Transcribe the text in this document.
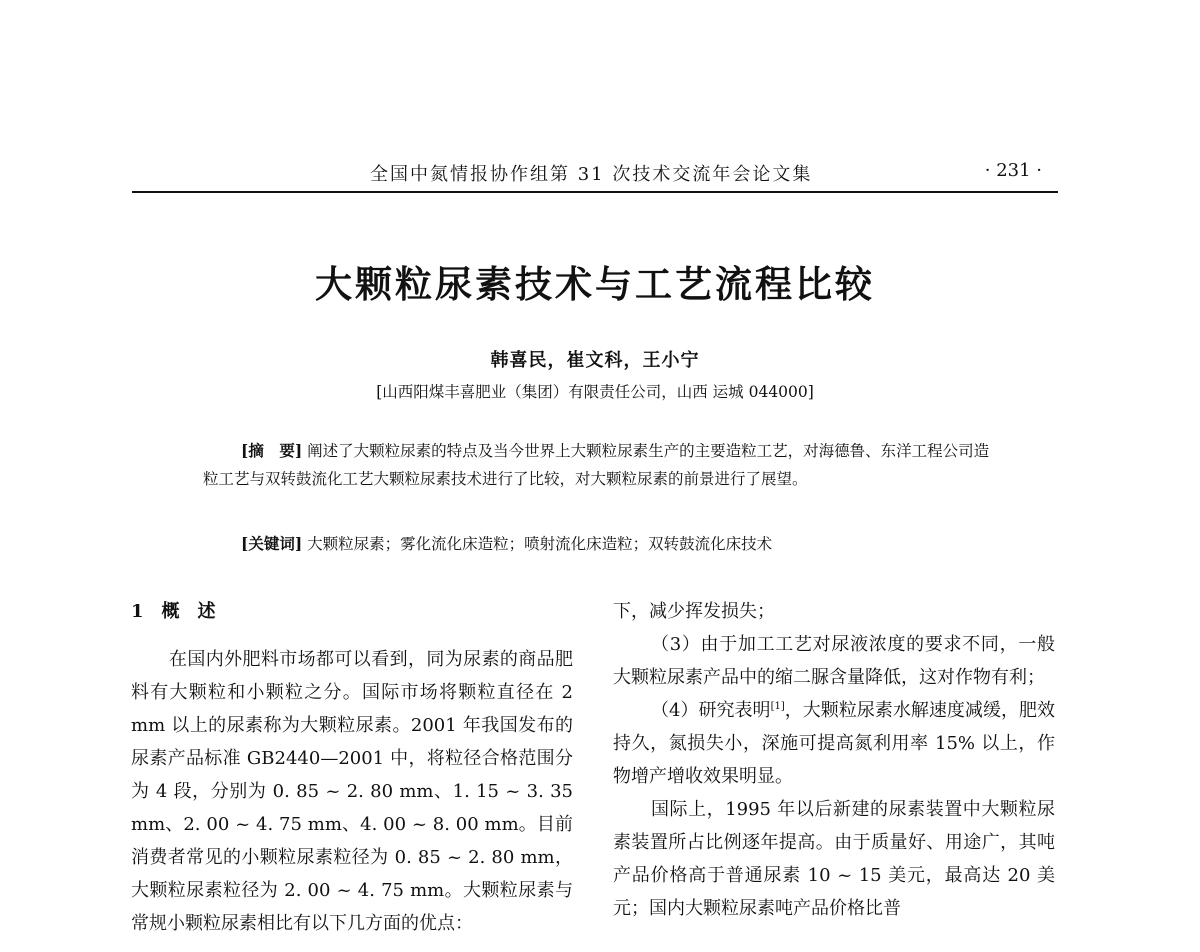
全国中氮情报协作组第 31 次技术交流年会论文集	· 231 ·
大颗粒尿素技术与工艺流程比较
韩喜民，崔文科，王小宁
[山西阳煤丰喜肥业（集团）有限责任公司，山西 运城 044000]
[摘　要] 阐述了大颗粒尿素的特点及当今世界上大颗粒尿素生产的主要造粒工艺，对海德鲁、东洋工程公司造粒工艺与双转鼓流化工艺大颗粒尿素技术进行了比较，对大颗粒尿素的前景进行了展望。
[关键词] 大颗粒尿素；雾化流化床造粒；喷射流化床造粒；双转鼓流化床技术
1　概　述

在国内外肥料市场都可以看到，同为尿素的商品肥料有大颗粒和小颗粒之分。国际市场将颗粒直径在 2 mm 以上的尿素称为大颗粒尿素。2001 年我国发布的尿素产品标准 GB2440—2001 中，将粒径合格范围分为 4 段，分别为 0. 85 ~ 2. 80 mm、1. 15 ~ 3. 35 mm、2. 00 ~ 4. 75 mm、4. 00 ~ 8. 00 mm。目前消费者常见的小颗粒尿素粒径为 0. 85 ~ 2. 80 mm，大颗粒尿素粒径为 2. 00 ~ 4. 75 mm。大颗粒尿素与常规小颗粒尿素相比有以下几方面的优点：

下，减少挥发损失；

（3）由于加工工艺对尿液浓度的要求不同，一般大颗粒尿素产品中的缩二脲含量降低，这对作物有利；

（4）研究表明[1]，大颗粒尿素水解速度减缓，肥效持久，氮损失小，深施可提高氮利用率 15% 以上，作物增产增收效果明显。

国际上，1995 年以后新建的尿素装置中大颗粒尿素装置所占比例逐年提高。由于质量好、用途广，其吨产品价格高于普通尿素 10 ~ 15 美元，最高达 20 美元；国内大颗粒尿素吨产品价格比普
